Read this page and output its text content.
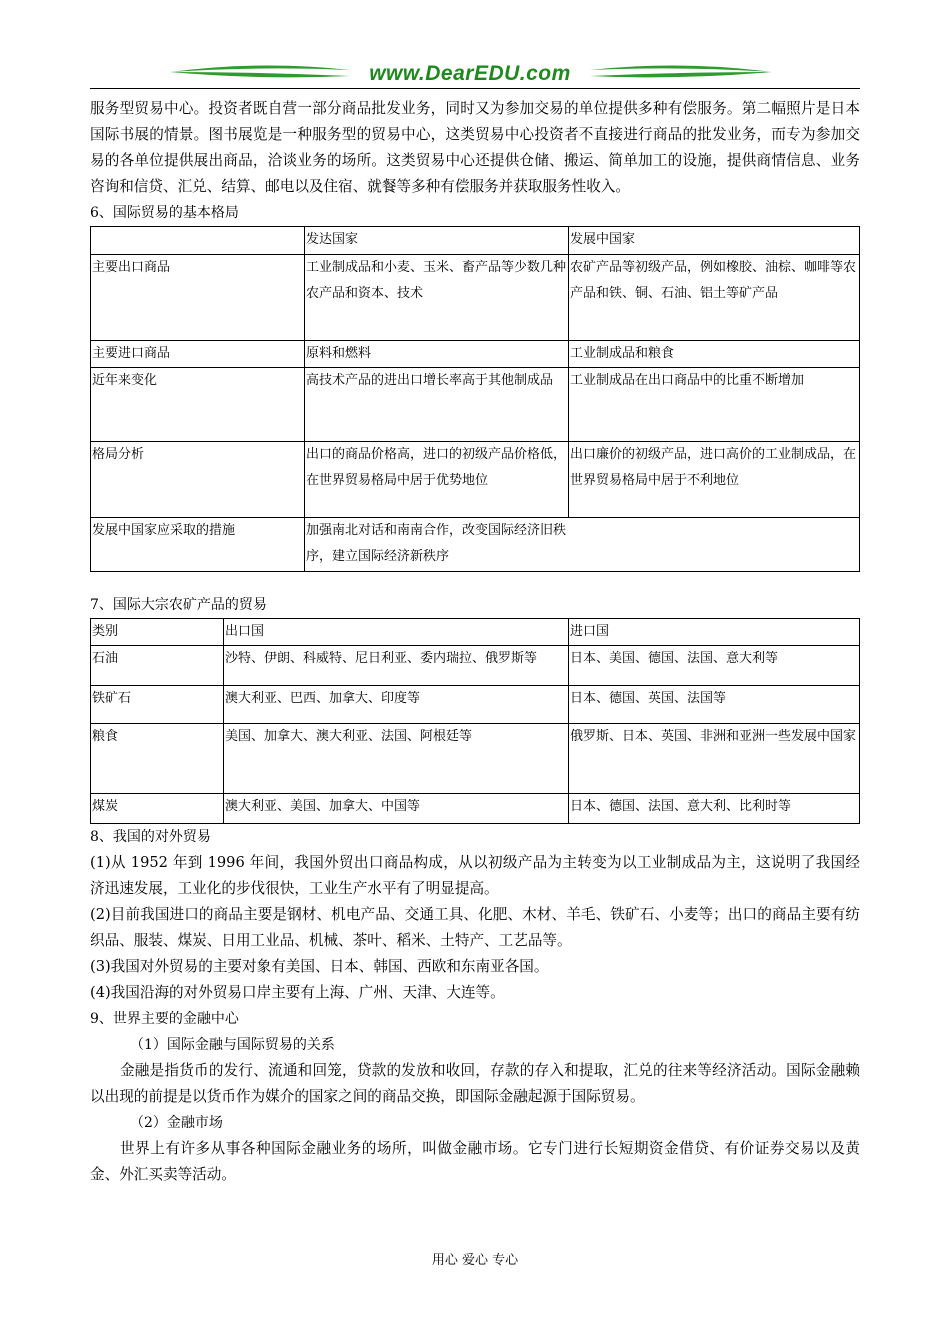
www.DearEDU.com

服务型贸易中心。投资者既自营一部分商品批发业务，同时又为参加交易的单位提供多种有偿服务。第二幅照片是日本国际书展的情景。图书展览是一种服务型的贸易中心，这类贸易中心投资者不直接进行商品的批发业务，而专为参加交易的各单位提供展出商品，洽谈业务的场所。这类贸易中心还提供仓储、搬运、简单加工的设施，提供商情信息、业务咨询和信贷、汇兑、结算、邮电以及住宿、就餐等多种有偿服务并获取服务性收入。

6、国际贸易的基本格局

	发达国家	发展中国家
主要出口商品	工业制成品和小麦、玉米、畜产品等少数几种农产品和资本、技术	农矿产品等初级产品，例如橡胶、油棕、咖啡等农产品和铁、铜、石油、铝土等矿产品
主要进口商品	原料和燃料	工业制成品和粮食
近年来变化	高技术产品的进出口增长率高于其他制成品	工业制成品在出口商品中的比重不断增加
格局分析	出口的商品价格高，进口的初级产品价格低，在世界贸易格局中居于优势地位	出口廉价的初级产品，进口高价的工业制成品，在世界贸易格局中居于不利地位
发展中国家应采取的措施	加强南北对话和南南合作，改变国际经济旧秩序，建立国际经济新秩序	

7、国际大宗农矿产品的贸易

类别	出口国	进口国
石油	沙特、伊朗、科威特、尼日利亚、委内瑞拉、俄罗斯等	日本、美国、德国、法国、意大利等
铁矿石	澳大利亚、巴西、加拿大、印度等	日本、德国、英国、法国等
粮食	美国、加拿大、澳大利亚、法国、阿根廷等	俄罗斯、日本、英国、非洲和亚洲一些发展中国家
煤炭	澳大利亚、美国、加拿大、中国等	日本、德国、法国、意大利、比利时等

8、我国的对外贸易

(1)从 1952 年到 1996 年间，我国外贸出口商品构成，从以初级产品为主转变为以工业制成品为主，这说明了我国经济迅速发展，工业化的步伐很快，工业生产水平有了明显提高。

(2)目前我国进口的商品主要是钢材、机电产品、交通工具、化肥、木材、羊毛、铁矿石、小麦等；出口的商品主要有纺织品、服装、煤炭、日用工业品、机械、茶叶、稻米、土特产、工艺品等。

(3)我国对外贸易的主要对象有美国、日本、韩国、西欧和东南亚各国。

(4)我国沿海的对外贸易口岸主要有上海、广州、天津、大连等。

9、世界主要的金融中心

（1）国际金融与国际贸易的关系

金融是指货币的发行、流通和回笼，贷款的发放和收回，存款的存入和提取，汇兑的往来等经济活动。国际金融赖以出现的前提是以货币作为媒介的国家之间的商品交换，即国际金融起源于国际贸易。

（2）金融市场

世界上有许多从事各种国际金融业务的场所，叫做金融市场。它专门进行长短期资金借贷、有价证券交易以及黄金、外汇买卖等活动。

用心 爱心 专心
